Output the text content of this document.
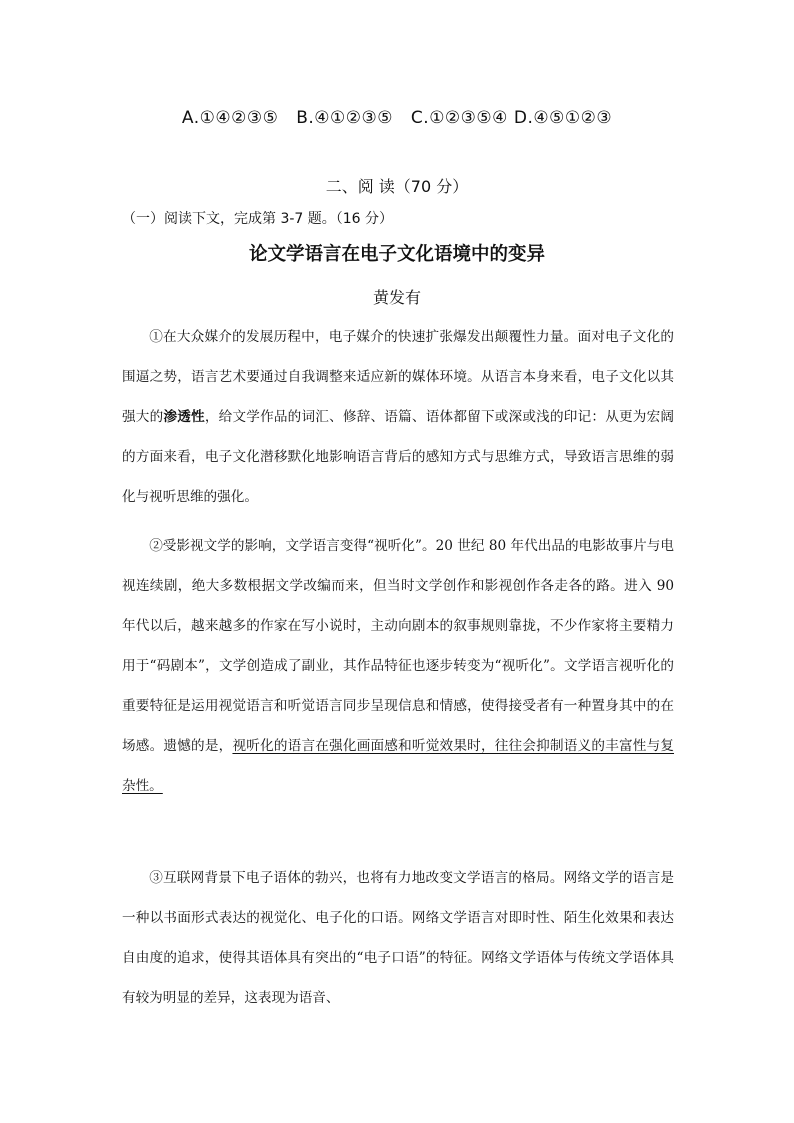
A.①④②③⑤ B.④①②③⑤ C.①②③⑤④ D.④⑤①②③
二、阅 读（70 分）
（一）阅读下文，完成第 3-7 题。（16 分）
论文学语言在电子文化语境中的变异
黄发有

①在大众媒介的发展历程中，电子媒介的快速扩张爆发出颠覆性力量。面对电子文化的围逼之势，语言艺术要通过自我调整来适应新的媒体环境。从语言本身来看，电子文化以其强大的渗透性，给文学作品的词汇、修辞、语篇、语体都留下或深或浅的印记：从更为宏阔的方面来看，电子文化潜移默化地影响语言背后的感知方式与思维方式，导致语言思维的弱化与视听思维的强化。

②受影视文学的影响，文学语言变得“视听化”。20 世纪 80 年代出品的电影故事片与电视连续剧，绝大多数根据文学改编而来，但当时文学创作和影视创作各走各的路。进入 90 年代以后，越来越多的作家在写小说时，主动向剧本的叙事规则靠拢，不少作家将主要精力用于“码剧本”，文学创造成了副业，其作品特征也逐步转变为“视听化”。文学语言视听化的重要特征是运用视觉语言和听觉语言同步呈现信息和情感，使得接受者有一种置身其中的在场感。遗憾的是，视听化的语言在强化画面感和听觉效果时，往往会抑制语义的丰富性与复杂性。

③互联网背景下电子语体的勃兴，也将有力地改变文学语言的格局。网络文学的语言是一种以书面形式表达的视觉化、电子化的口语。网络文学语言对即时性、陌生化效果和表达自由度的追求，使得其语体具有突出的“电子口语”的特征。网络文学语体与传统文学语体具有较为明显的差异，这表现为语音、
